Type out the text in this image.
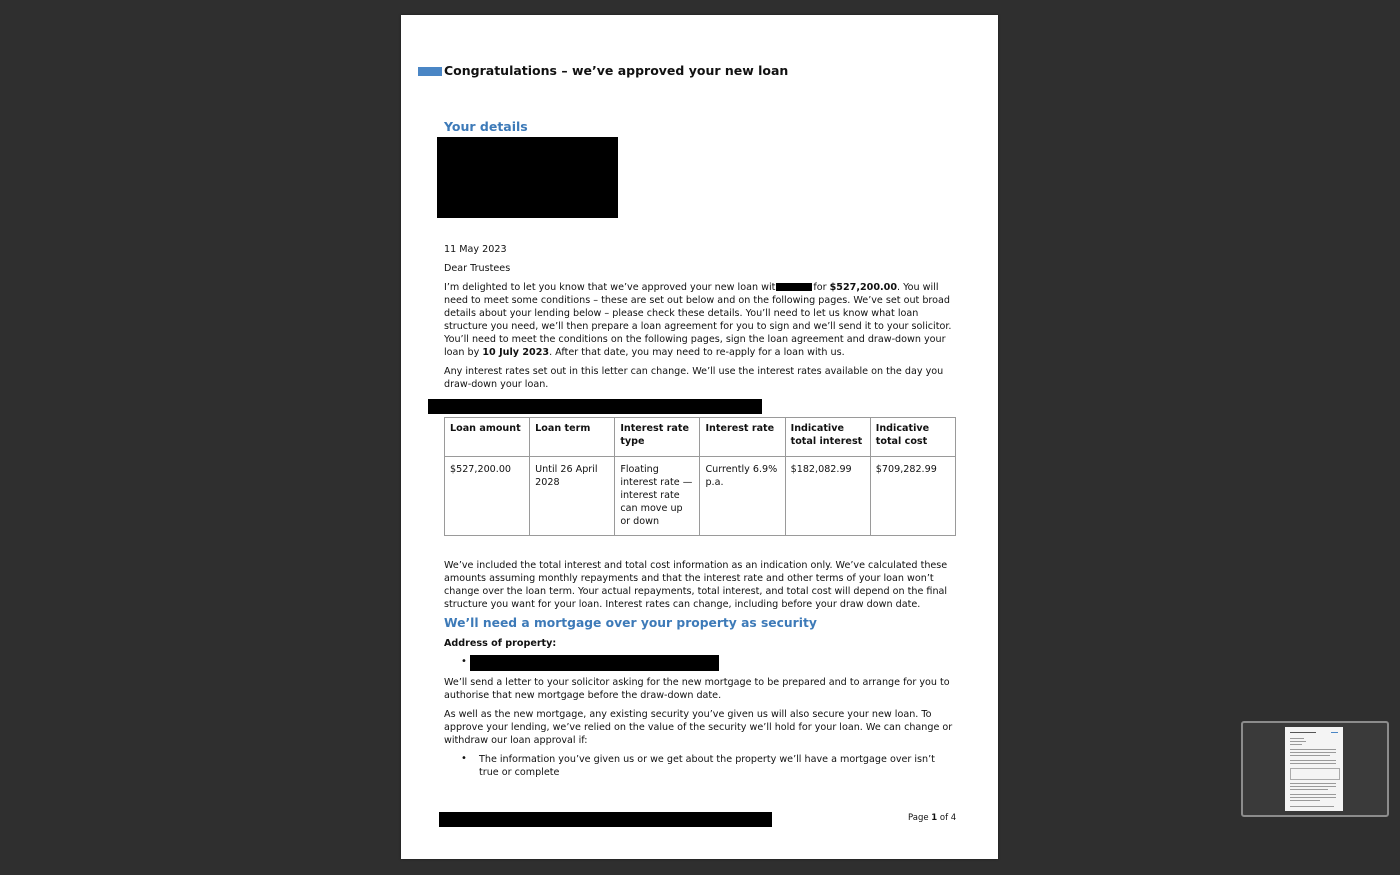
Congratulations – we’ve approved your new loan
Your details
11 May 2023
Dear Trustees
I’m delighted to let you know that we’ve approved your new loan wit	for $527,200.00. You will need to meet some conditions – these are set out below and on the following pages. We’ve set out broad details about your lending below – please check these details. You’ll need to let us know what loan structure you need, we’ll then prepare a loan agreement for you to sign and we’ll send it to your solicitor. You’ll need to meet the conditions on the following pages, sign the loan agreement and draw-down your loan by 10 July 2023. After that date, you may need to re-apply for a loan with us.
Any interest rates set out in this letter can change. We’ll use the interest rates available on the day you draw-down your loan.
Loan amount	Loan term	Interest rate type	Interest rate	Indicative total interest	Indicative total cost
$527,200.00	Until 26 April 2028	Floating interest rate — interest rate can move up or down	Currently 6.9% p.a.	$182,082.99	$709,282.99
We’ve included the total interest and total cost information as an indication only. We’ve calculated these amounts assuming monthly repayments and that the interest rate and other terms of your loan won’t change over the loan term. Your actual repayments, total interest, and total cost will depend on the final structure you want for your loan. Interest rates can change, including before your draw down date.
We’ll need a mortgage over your property as security
Address of property:
•
We’ll send a letter to your solicitor asking for the new mortgage to be prepared and to arrange for you to authorise that new mortgage before the draw-down date.
As well as the new mortgage, any existing security you’ve given us will also secure your new loan. To approve your lending, we’ve relied on the value of the security we’ll hold for your loan. We can change or withdraw our loan approval if:
• The information you’ve given us or we get about the property we’ll have a mortgage over isn’t true or complete
Page 1 of 4
